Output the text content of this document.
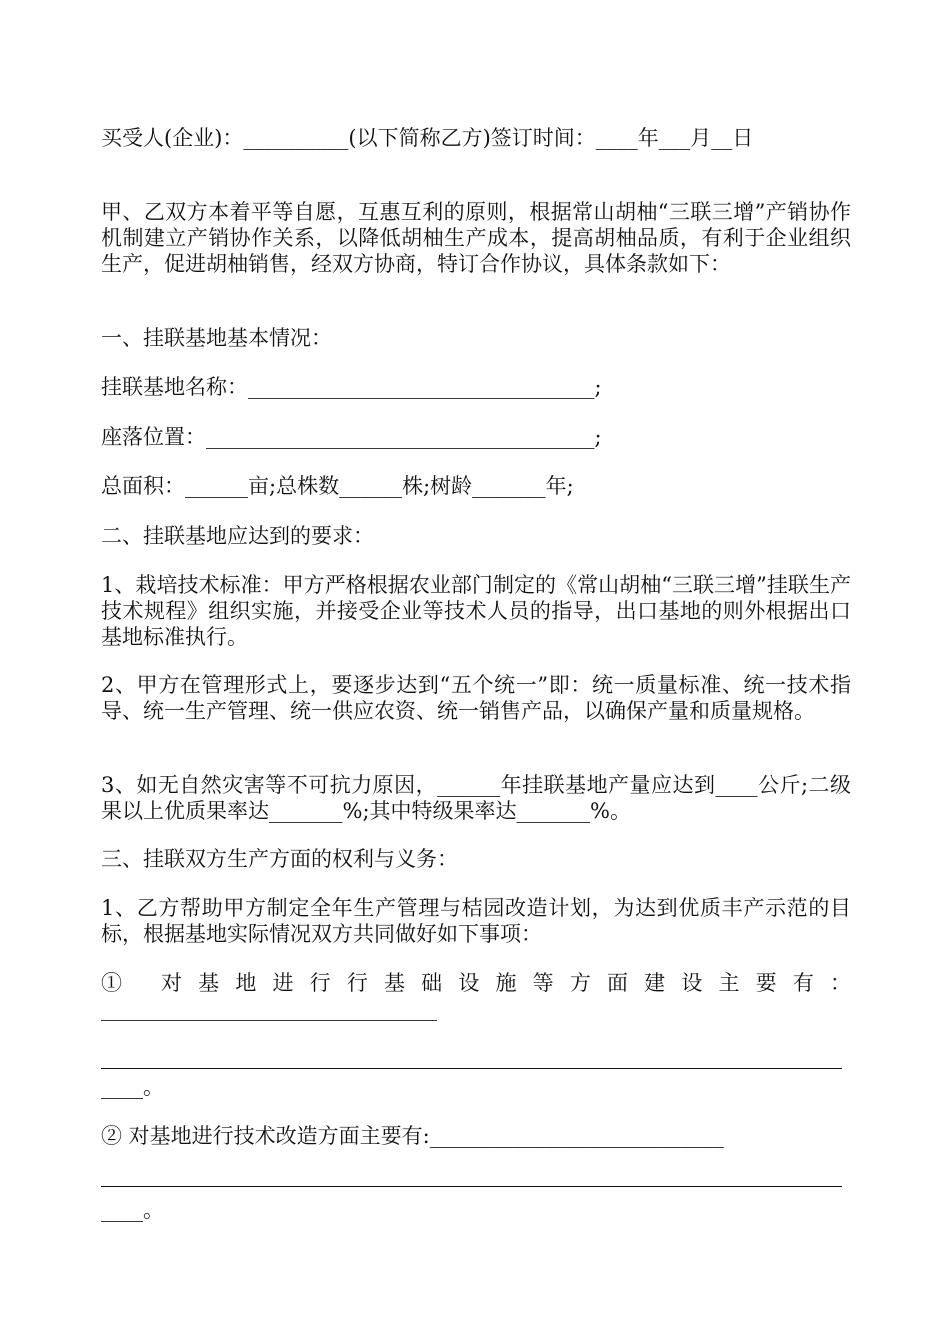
买受人(企业)：__________(以下简称乙方)签订时间：____年___月__日

甲、乙双方本着平等自愿，互惠互利的原则，根据常山胡柚“三联三增”产销协作机制建立产销协作关系，以降低胡柚生产成本，提高胡柚品质，有利于企业组织生产，促进胡柚销售，经双方协商，特订合作协议，具体条款如下：

一、挂联基地基本情况：

挂联基地名称：_________________________________;

座落位置：_____________________________________;

总面积：______亩;总株数______株;树龄_______年;

二、挂联基地应达到的要求：

1、栽培技术标准：甲方严格根据农业部门制定的《常山胡柚“三联三增”挂联生产技术规程》组织实施，并接受企业等技术人员的指导，出口基地的则外根据出口基地标准执行。

2、甲方在管理形式上，要逐步达到“五个统一”即：统一质量标准、统一技术指导、统一生产管理、统一供应农资、统一销售产品，以确保产量和质量规格。

3、如无自然灾害等不可抗力原因，______年挂联基地产量应达到____公斤;二级果以上优质果率达_______%;其中特级果率达_______%。

三、挂联双方生产方面的权利与义务：

1、乙方帮助甲方制定全年生产管理与桔园改造计划，为达到优质丰产示范的目标，根据基地实际情况双方共同做好如下事项：

① 对基地进行行基础设施等方面建设主要有：________________________________

____。

② 对基地进行技术改造方面主要有:____________________________

____。
